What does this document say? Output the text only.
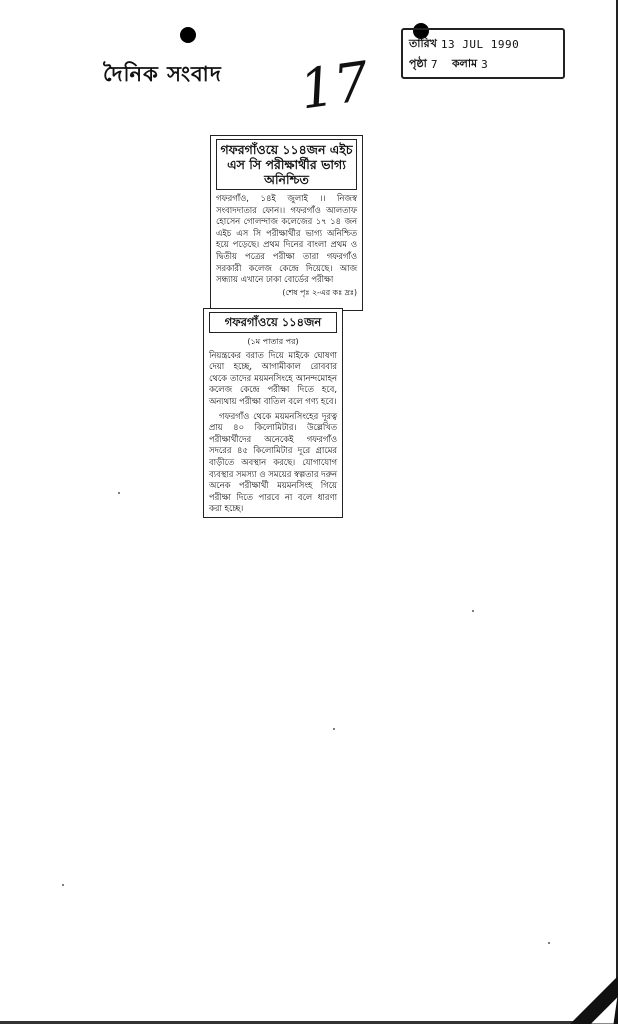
দৈনিক সংবাদ 17
তারিখ 13 JUL 1990
পৃষ্ঠা 7 কলাম 3
গফরগাঁওয়ে ১১৪জন এইচ এস সি পরীক্ষার্থীর ভাগ্য অনিশ্চিত

গফরগাঁও, ১৪ই জুলাই ।। নিজস্ব সংবাদদাতার ফোন।। গফরগাঁও আলতাফ হোসেন গোলন্দাজ কলেজের ১৭ ১৪ জন এইচ এস সি পরীক্ষার্থীর ভাগ্য অনিশ্চিত হয়ে পড়েছে। প্রথম দিনের বাংলা প্রথম ও দ্বিতীয় পত্রের পরীক্ষা তারা গফরগাঁও সরকারী কলেজ কেন্দ্রে দিয়েছে। আজ সন্ধ্যায় এখানে ঢাকা বোর্ডের পরীক্ষা

(শেষ পৃঃ ২-এর কঃ দ্রঃ)
গফরগাঁওয়ে ১১৪জন
(১ম পাতার পর)

নিয়ন্ত্রকের বরাত দিয়ে মাইকে ঘোষণা দেয়া হচ্ছে, আগামীকাল রোববার থেকে তাদের ময়মনসিংহে আনন্দমোহন কলেজ কেন্দ্রে পরীক্ষা দিতে হবে, অন্যথায় পরীক্ষা বাতিল বলে গণ্য হবে।

গফরগাঁও থেকে ময়মনসিংহের দূরত্ব প্রায় ৪০ কিলোমিটার। উল্লেখিত পরীক্ষার্থীদের অনেকেই গফরগাঁও সদরের ৪৫ কিলোমিটার দূরে গ্রামের বাড়ীতে অবস্থান করছে। যোগাযোগ ব্যবস্থার সমস্যা ও সময়ের স্বল্পতার দরুন অনেক পরীক্ষার্থী ময়মনসিংহ গিয়ে পরীক্ষা দিতে পারবে না বলে ধারণা করা হচ্ছে।
